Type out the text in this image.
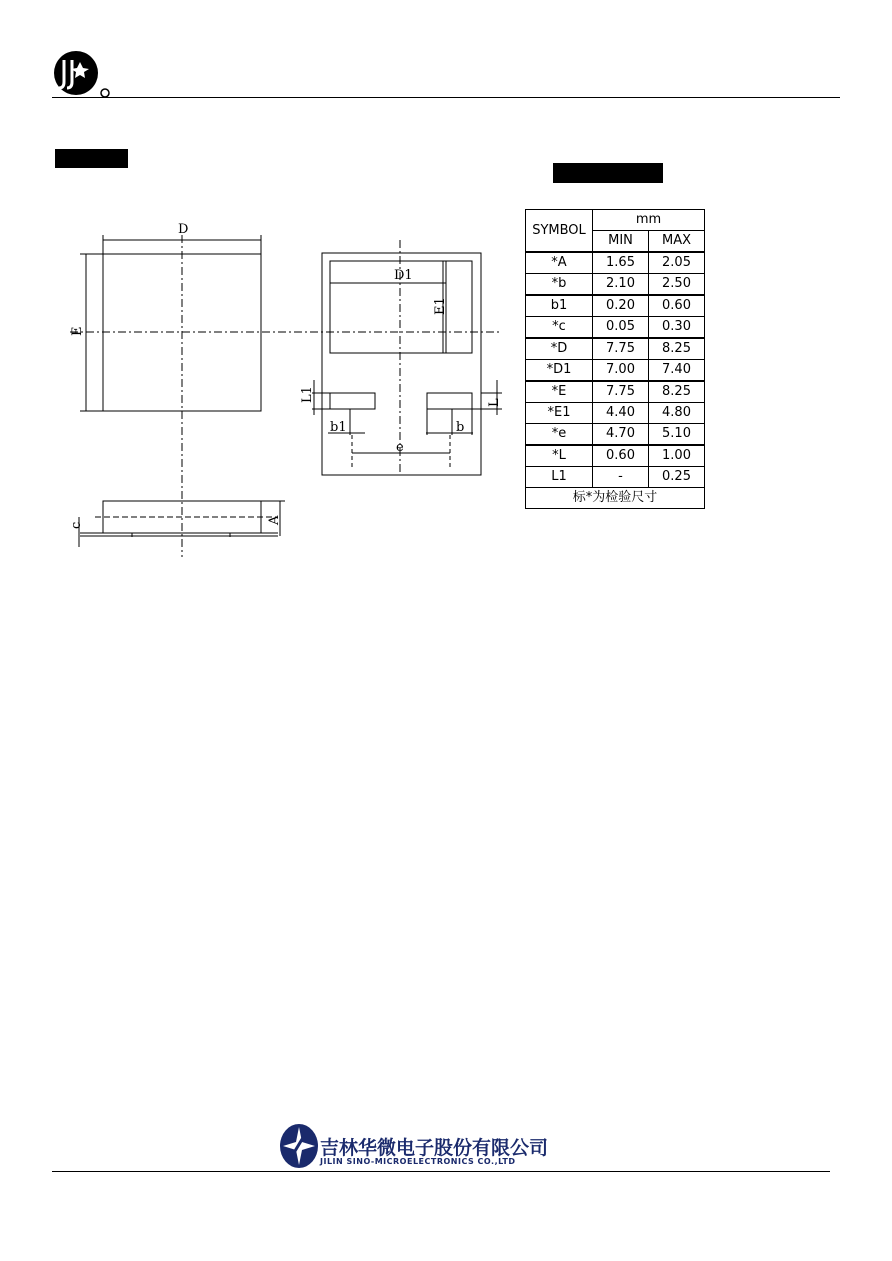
D
E
D1
E1
L1	L
b1	b
e
c
A
SYMBOL	mm	
	MIN	MAX
*A	1.65	2.05
*b	2.10	2.50
b1	0.20	0.60
*c	0.05	0.30
*D	7.75	8.25
*D1	7.00	7.40
*E	7.75	8.25
*E1	4.40	4.80
*e	4.70	5.10
*L	0.60	1.00
L1	-	0.25
标*为检验尺寸		
吉林华微电子股份有限公司
JILIN SINO-MICROELECTRONICS CO.,LTD
